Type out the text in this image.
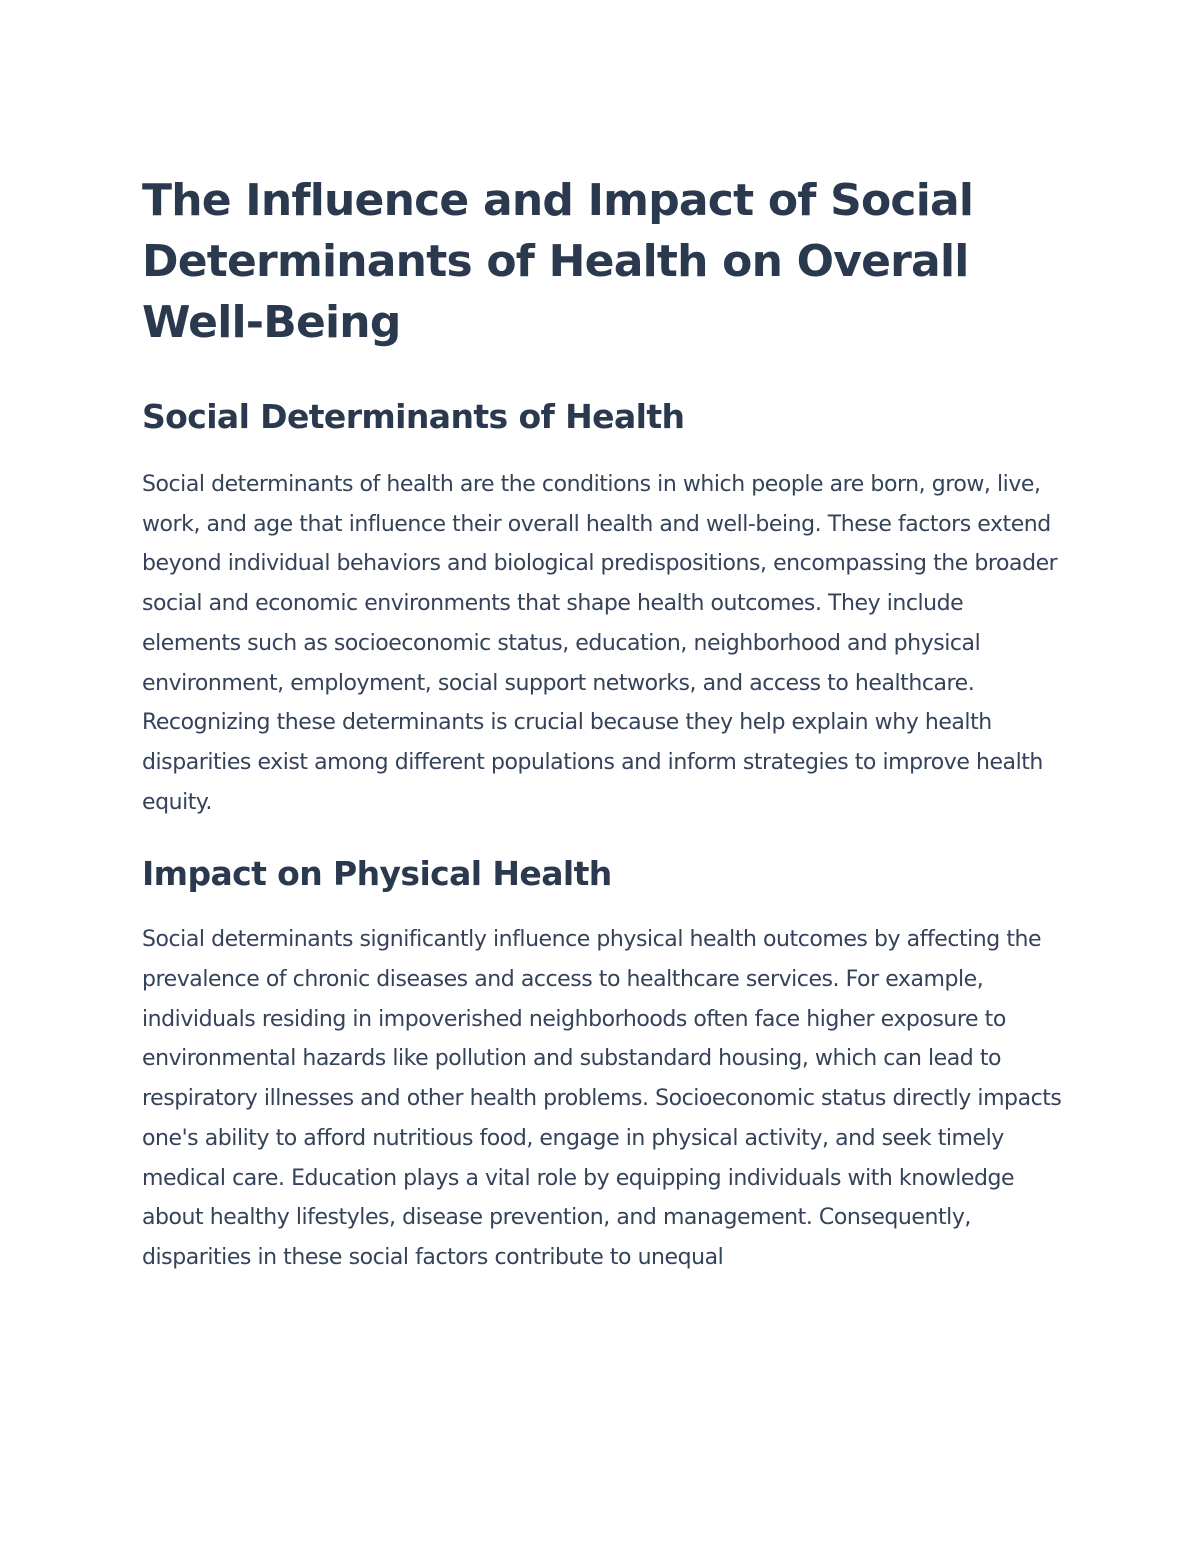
The Influence and Impact of Social Determinants of Health on Overall Well-Being
Social Determinants of Health

Social determinants of health are the conditions in which people are born, grow, live, work, and age that influence their overall health and well-being. These factors extend beyond individual behaviors and biological predispositions, encompassing the broader social and economic environments that shape health outcomes. They include elements such as socioeconomic status, education, neighborhood and physical environment, employment, social support networks, and access to healthcare. Recognizing these determinants is crucial because they help explain why health disparities exist among different populations and inform strategies to improve health equity.

Impact on Physical Health

Social determinants significantly influence physical health outcomes by affecting the prevalence of chronic diseases and access to healthcare services. For example, individuals residing in impoverished neighborhoods often face higher exposure to environmental hazards like pollution and substandard housing, which can lead to respiratory illnesses and other health problems. Socioeconomic status directly impacts one's ability to afford nutritious food, engage in physical activity, and seek timely medical care. Education plays a vital role by equipping individuals with knowledge about healthy lifestyles, disease prevention, and management. Consequently, disparities in these social factors contribute to unequal
